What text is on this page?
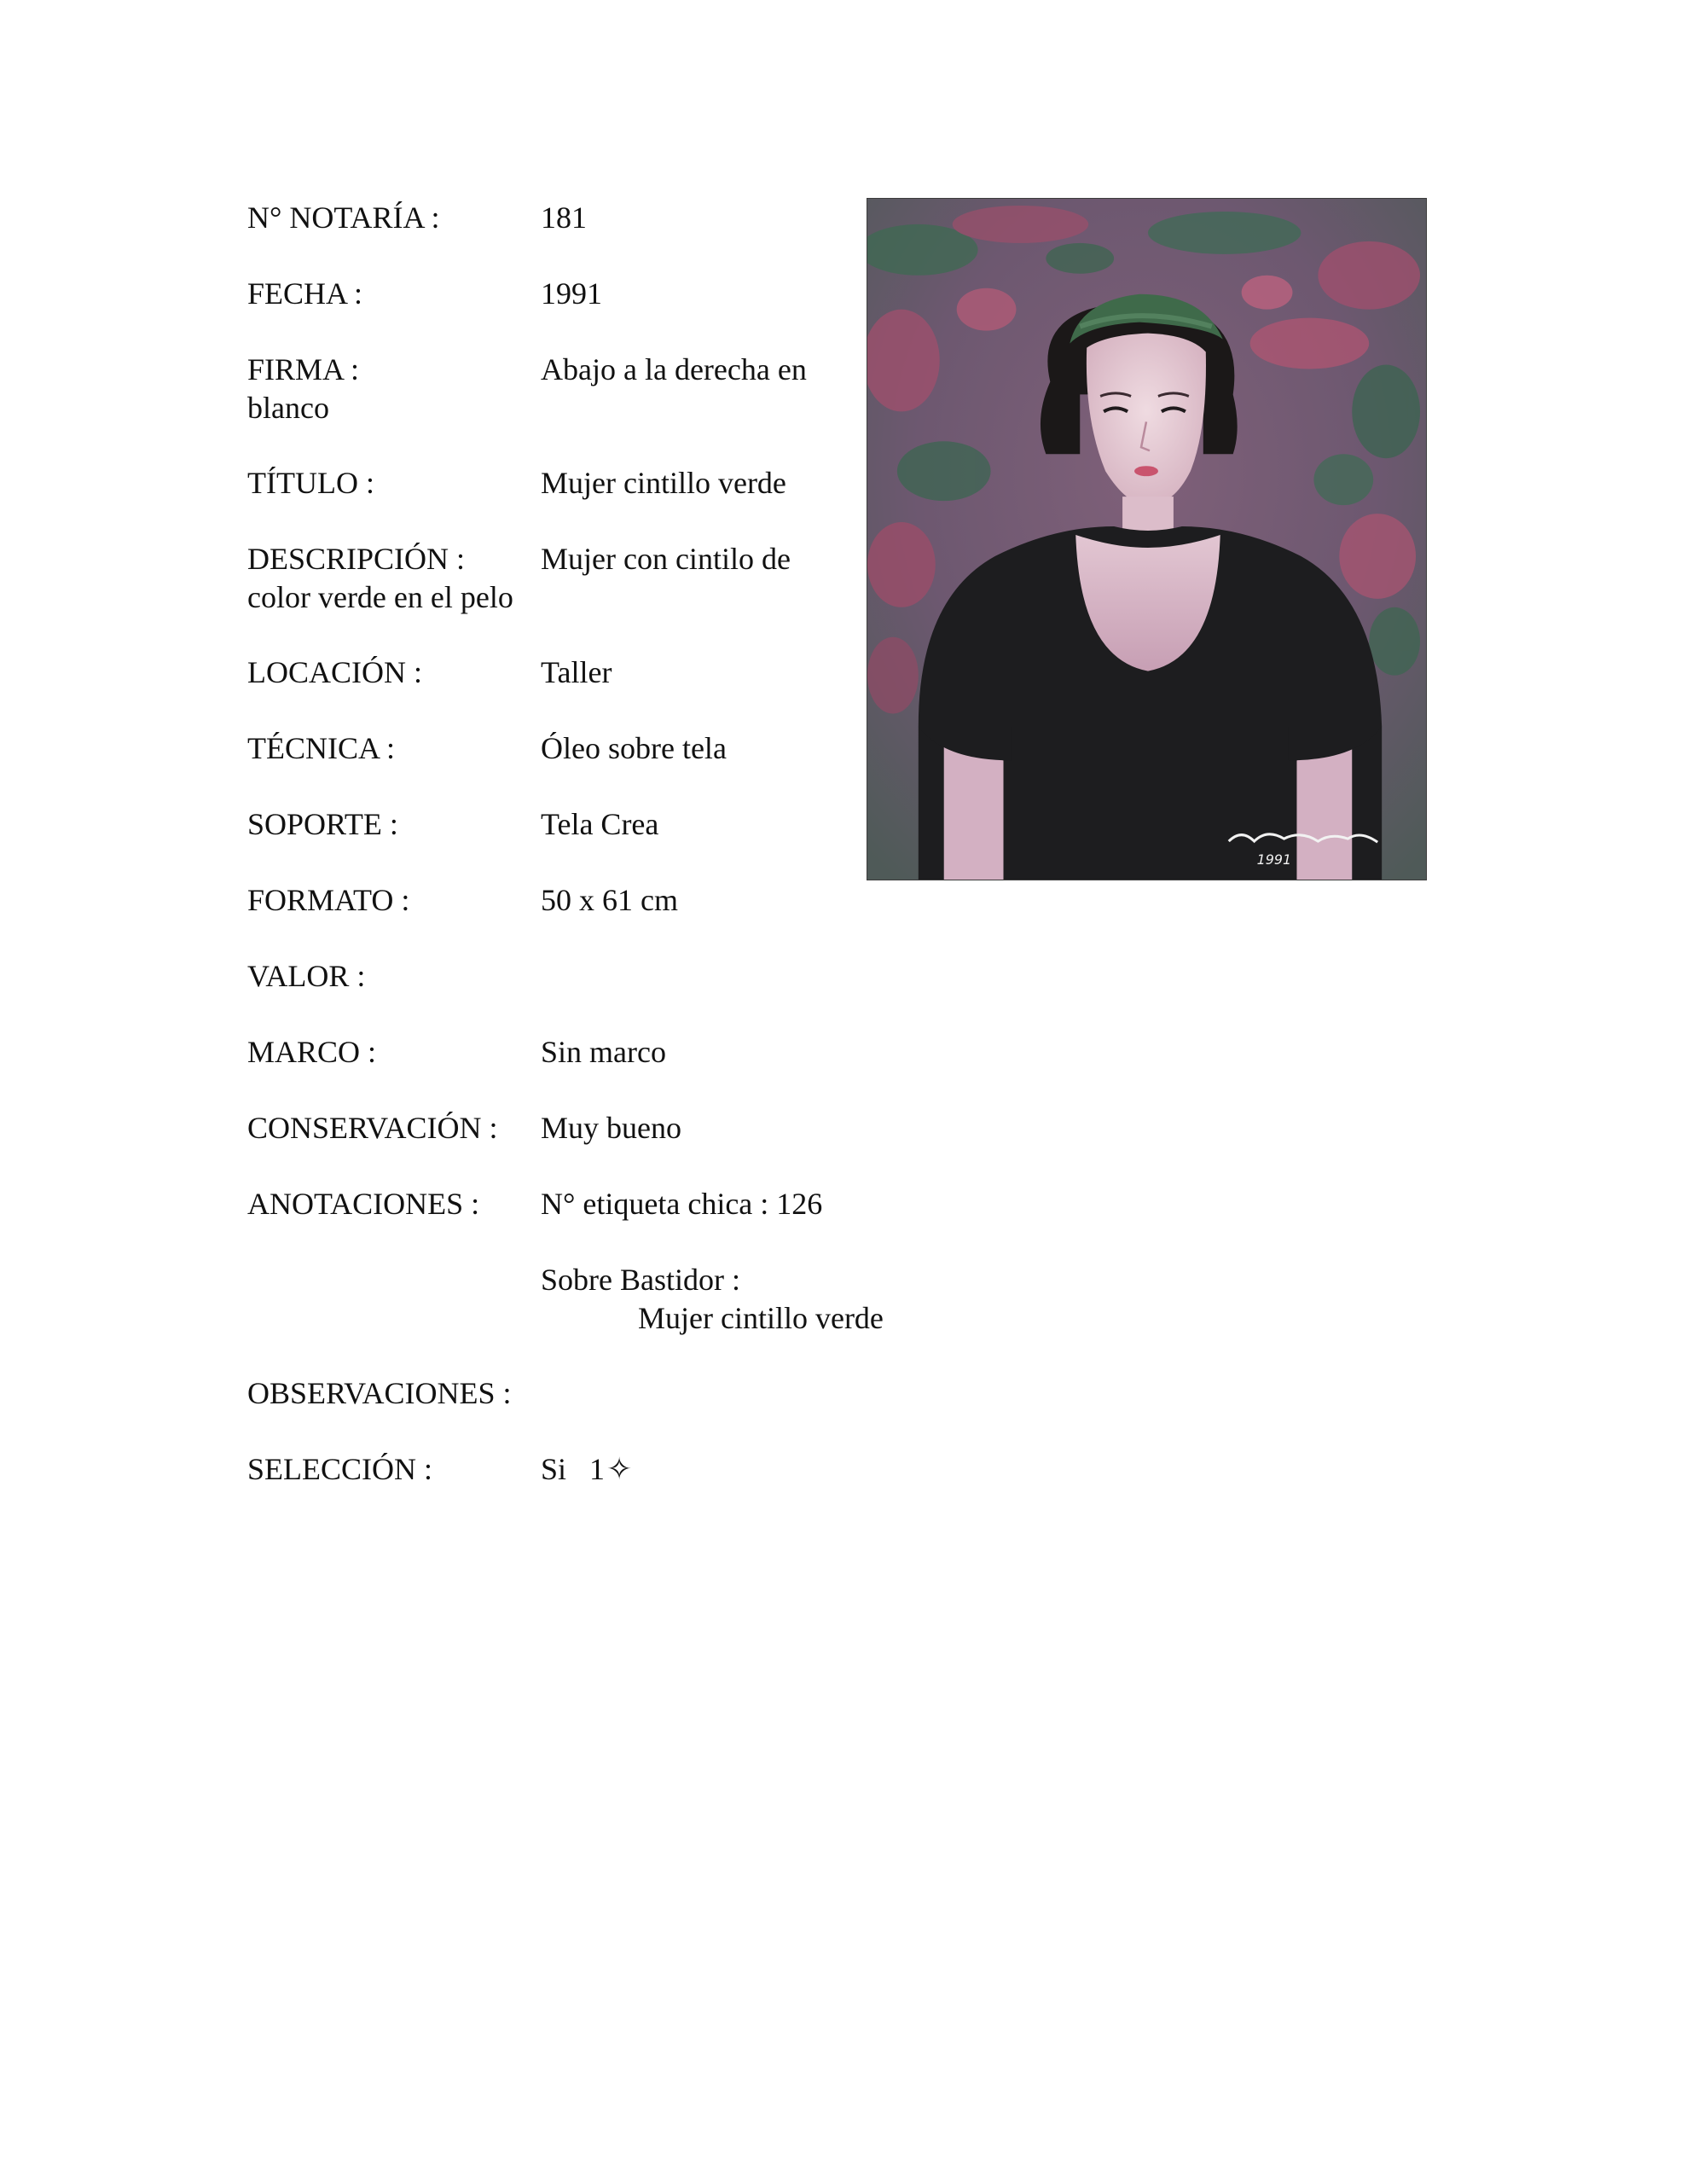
N° NOTARÍA :	181
FECHA :	1991
FIRMA :	Abajo a la derecha en
blanco
TÍTULO :	Mujer cintillo verde
DESCRIPCIÓN : Mujer con cintilo de
color verde en el pelo
LOCACIÓN :	Taller
TÉCNICA :	Óleo sobre tela
SOPORTE :	Tela Crea
FORMATO :	50 x 61 cm
VALOR :
MARCO :	Sin marco
CONSERVACIÓN : Muy bueno
ANOTACIONES : N° etiqueta chica : 126
Sobre Bastidor :
Mujer cintillo verde
OBSERVACIONES :
SELECCIÓN :	Si   1✧
1991
